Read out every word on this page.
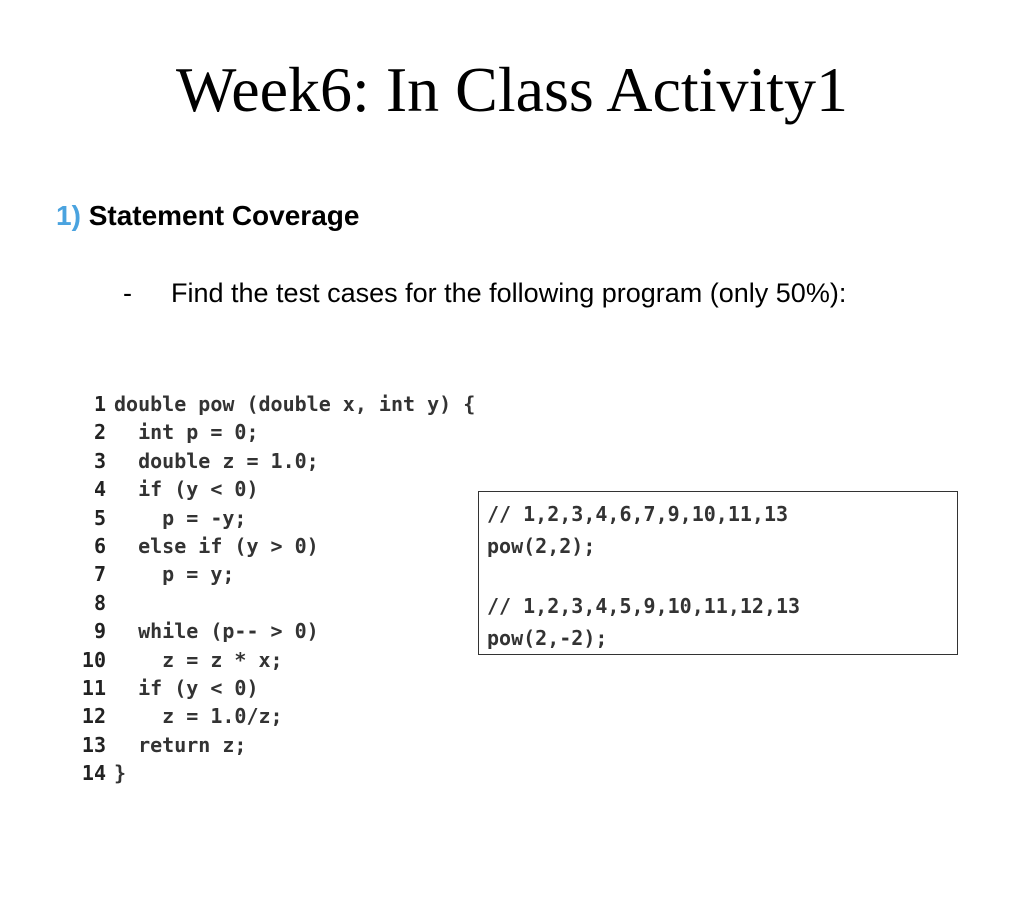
Week6: In Class Activity1
1) Statement Coverage
- Find the test cases for the following program (only 50%):
1 double pow (double x, int y) {
2 int p = 0;
3 double z = 1.0;
4 if (y < 0)
5 p = -y;
6 else if (y > 0)
7 p = y;
8
9 while (p-- > 0)
10 z = z * x;
11 if (y < 0)
12 z = 1.0/z;
13 return z;
14 }
// 1,2,3,4,6,7,9,10,11,13
pow(2,2);
// 1,2,3,4,5,9,10,11,12,13
pow(2,-2);
